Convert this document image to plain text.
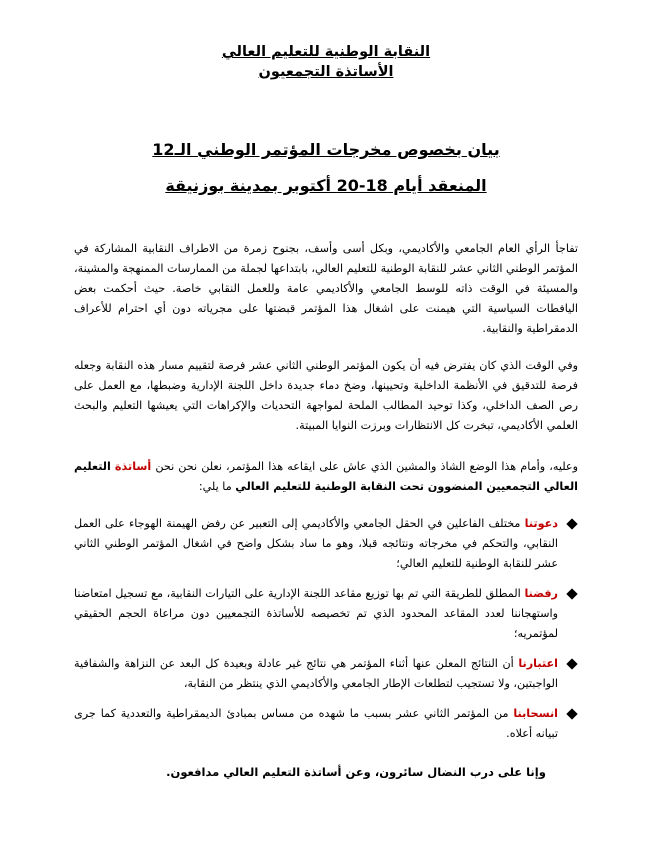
النقابة الوطنية للتعليم العالي
الأساتذة التجمعيون
بيان بخصوص مخرجات المؤتمر الوطني الـ12
المنعقد أيام 18-20 أكتوبر بمدينة بوزنيقة
تفاجأ الرأي العام الجامعي والأكاديمي، وبكل أسى وأسف، بجنوح زمرة من الاطراف النقابية المشاركة في المؤتمر الوطني الثاني عشر للنقابة الوطنية للتعليم العالي، بابتداعها لجملة من الممارسات الممنهجة والمشينة، والمسيئة في الوقت ذاته للوسط الجامعي والأكاديمي عامة وللعمل النقابي خاصة. حيث أحكمت بعض اليافطات السياسية التي هيمنت على اشغال هذا المؤتمر قبضتها على مجرياته دون أي احترام للأعراف الدمقراطية والنقابية.
وفي الوقت الذي كان يفترض فيه أن يكون المؤتمر الوطني الثاني عشر فرصة لتقييم مسار هذه النقابة وجعله فرصة للتدقيق في الأنظمة الداخلية وتحيينها، وضخ دماء جديدة داخل اللجنة الإدارية وضبطها، مع العمل على رص الصف الداخلي، وكذا توحيد المطالب الملحة لمواجهة التحديات والإكراهات التي يعيشها التعليم والبحث العلمي الأكاديمي، تبخرت كل الانتظارات وبرزت النوايا المبيتة.
وعليه، وأمام هذا الوضع الشاذ والمشين الذي عاش على ايقاعه هذا المؤتمر، نعلن نحن نحن أساتذة التعليم العالي التجمعيين المنضوون تحت النقابة الوطنية للتعليم العالي ما يلي:
دعوتنا مختلف الفاعلين في الحقل الجامعي والأكاديمي إلى التعبير عن رفض الهيمنة الهوجاء على العمل النقابي، والتحكم في مخرجاته ونتائجه قبلا، وهو ما ساد بشكل واضح في اشغال المؤتمر الوطني الثاني عشر للنقابة الوطنية للتعليم العالي؛
رفضنا المطلق للطريقة التي تم بها توزيع مقاعد اللجنة الإدارية على التيارات النقابية، مع تسجيل امتعاضنا واستهجاننا لعدد المقاعد المحدود الذي تم تخصيصه للأساتذة التجمعيين دون مراعاة الحجم الحقيقي لمؤتمريه؛
اعتبارنا أن النتائج المعلن عنها أثناء المؤتمر هي نتائج غير عادلة وبعيدة كل البعد عن النزاهة والشفافية الواجبتين، ولا تستجيب لتطلعات الإطار الجامعي والأكاديمي الذي ينتظر من النقابة،
انسحابنا من المؤتمر الثاني عشر بسبب ما شهده من مساس بمبادئ الديمقراطية والتعددية كما جرى تبيانه أعلاه.
وإنا على درب النضال سائرون، وعن أساتذة التعليم العالي مدافعون.
